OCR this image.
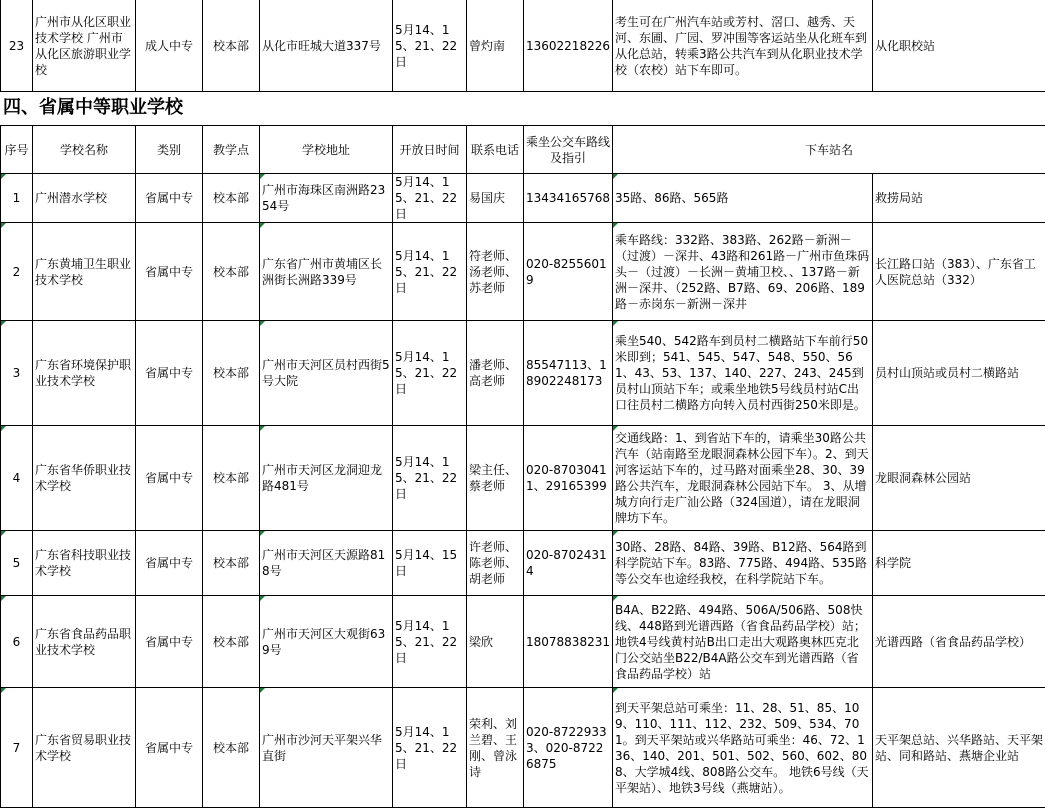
23	广州市从化区职业技术学校 广州市从化区旅游职业学校	成人中专	校本部	从化市旺城大道337号	5月14、15、21、22日	曾灼南	13602218226	考生可在广州汽车站或芳村、滘口、越秀、天河、东圃、广园、罗冲围等客运站坐从化班车到从化总站，转乘3路公共汽车到从化职业技术学校（农校）站下车即可。	从化职校站
四、省属中等职业学校
序号	学校名称	类别	教学点	学校地址	开放日时间	联系电话	乘坐公交车路线及指引	下车站名	
1	广州潜水学校	省属中专	校本部	广州市海珠区南洲路2354号	5月14、15、21、22日	易国庆	13434165768	35路、86路、565路	救捞局站
2	广东黄埔卫生职业技术学校	省属中专	校本部	广东省广州市黄埔区长洲街长洲路339号	5月14、15、21、22日	符老师、汤老师、苏老师	020-82556019	乘车路线：332路、383路、262路－新洲－（过渡）－深井、43路和261路－广州市鱼珠码头－（过渡）－长洲－黄埔卫校、、137路－新洲－深井、（252路、B7路、69、206路、189路－赤岗东－新洲－深井	长江路口站（383）、广东省工人医院总站（332）
3	广东省环境保护职业技术学校	省属中专	校本部	广州市天河区员村西街5号大院	5月14、15、21、22日	潘老师、高老师	85547113、18902248173	乘坐540、542路车到员村二横路站下车前行50米即到；541、545、547、548、550、561、43、53、137、140、227、243、245到员村山顶站下车；或乘坐地铁5号线员村站C出口往员村二横路方向转入员村西街250米即是。	员村山顶站或员村二横路站
4	广东省华侨职业技术学校	省属中专	校本部	广州市天河区龙洞迎龙路481号	5月14、15、21、22日	梁主任、蔡老师	020-87030411、29165399	交通线路：1、到省站下车的，请乘坐30路公共汽车（站南路至龙眼洞森林公园下车）。2、到天河客运站下车的，过马路对面乘坐28、30、39路公共汽车，龙眼洞森林公园站下车。 3、从增城方向行走广汕公路（324国道），请在龙眼洞牌坊下车。	龙眼洞森林公园站
5	广东省科技职业技术学校	省属中专	校本部	广州市天河区天源路818号	5月14、15日	许老师、陈老师、胡老师	020-87024314	30路、28路、84路、39路、B12路、564路到科学院站下车。83路、775路、494路、535路等公交车也途经我校，在科学院站下车。	科学院
6	广东省食品药品职业技术学校	省属中专	校本部	广州市天河区大观街639号	5月14、15、21、22日	梁欣	18078838231	B4A、B22路、494路、506A/506路、508快线、448路到光谱西路（省食品药品学校）站；地铁4号线黄村站B出口走出大观路奥林匹克北门公交站坐B22/B4A路公交车到光谱西路（省食品药品学校）站	光谱西路（省食品药品学校）
7	广东省贸易职业技术学校	省属中专	校本部	广州市沙河天平架兴华直街	5月14、15、21、22日	荣利、刘兰碧、王刚、曾泳诗	020-87229333、020-87226875	到天平架总站可乘坐：11、28、51、85、109、110、111、112、232、509、534、701。到天平架站或兴华路站可乘坐：46、72、136、140、201、501、502、560、602、808、大学城4线、808路公交车。 地铁6号线（天平架站）、地铁3号线（燕塘站）。	天平架总站、兴华路站、天平架站、同和路站、燕塘企业站
